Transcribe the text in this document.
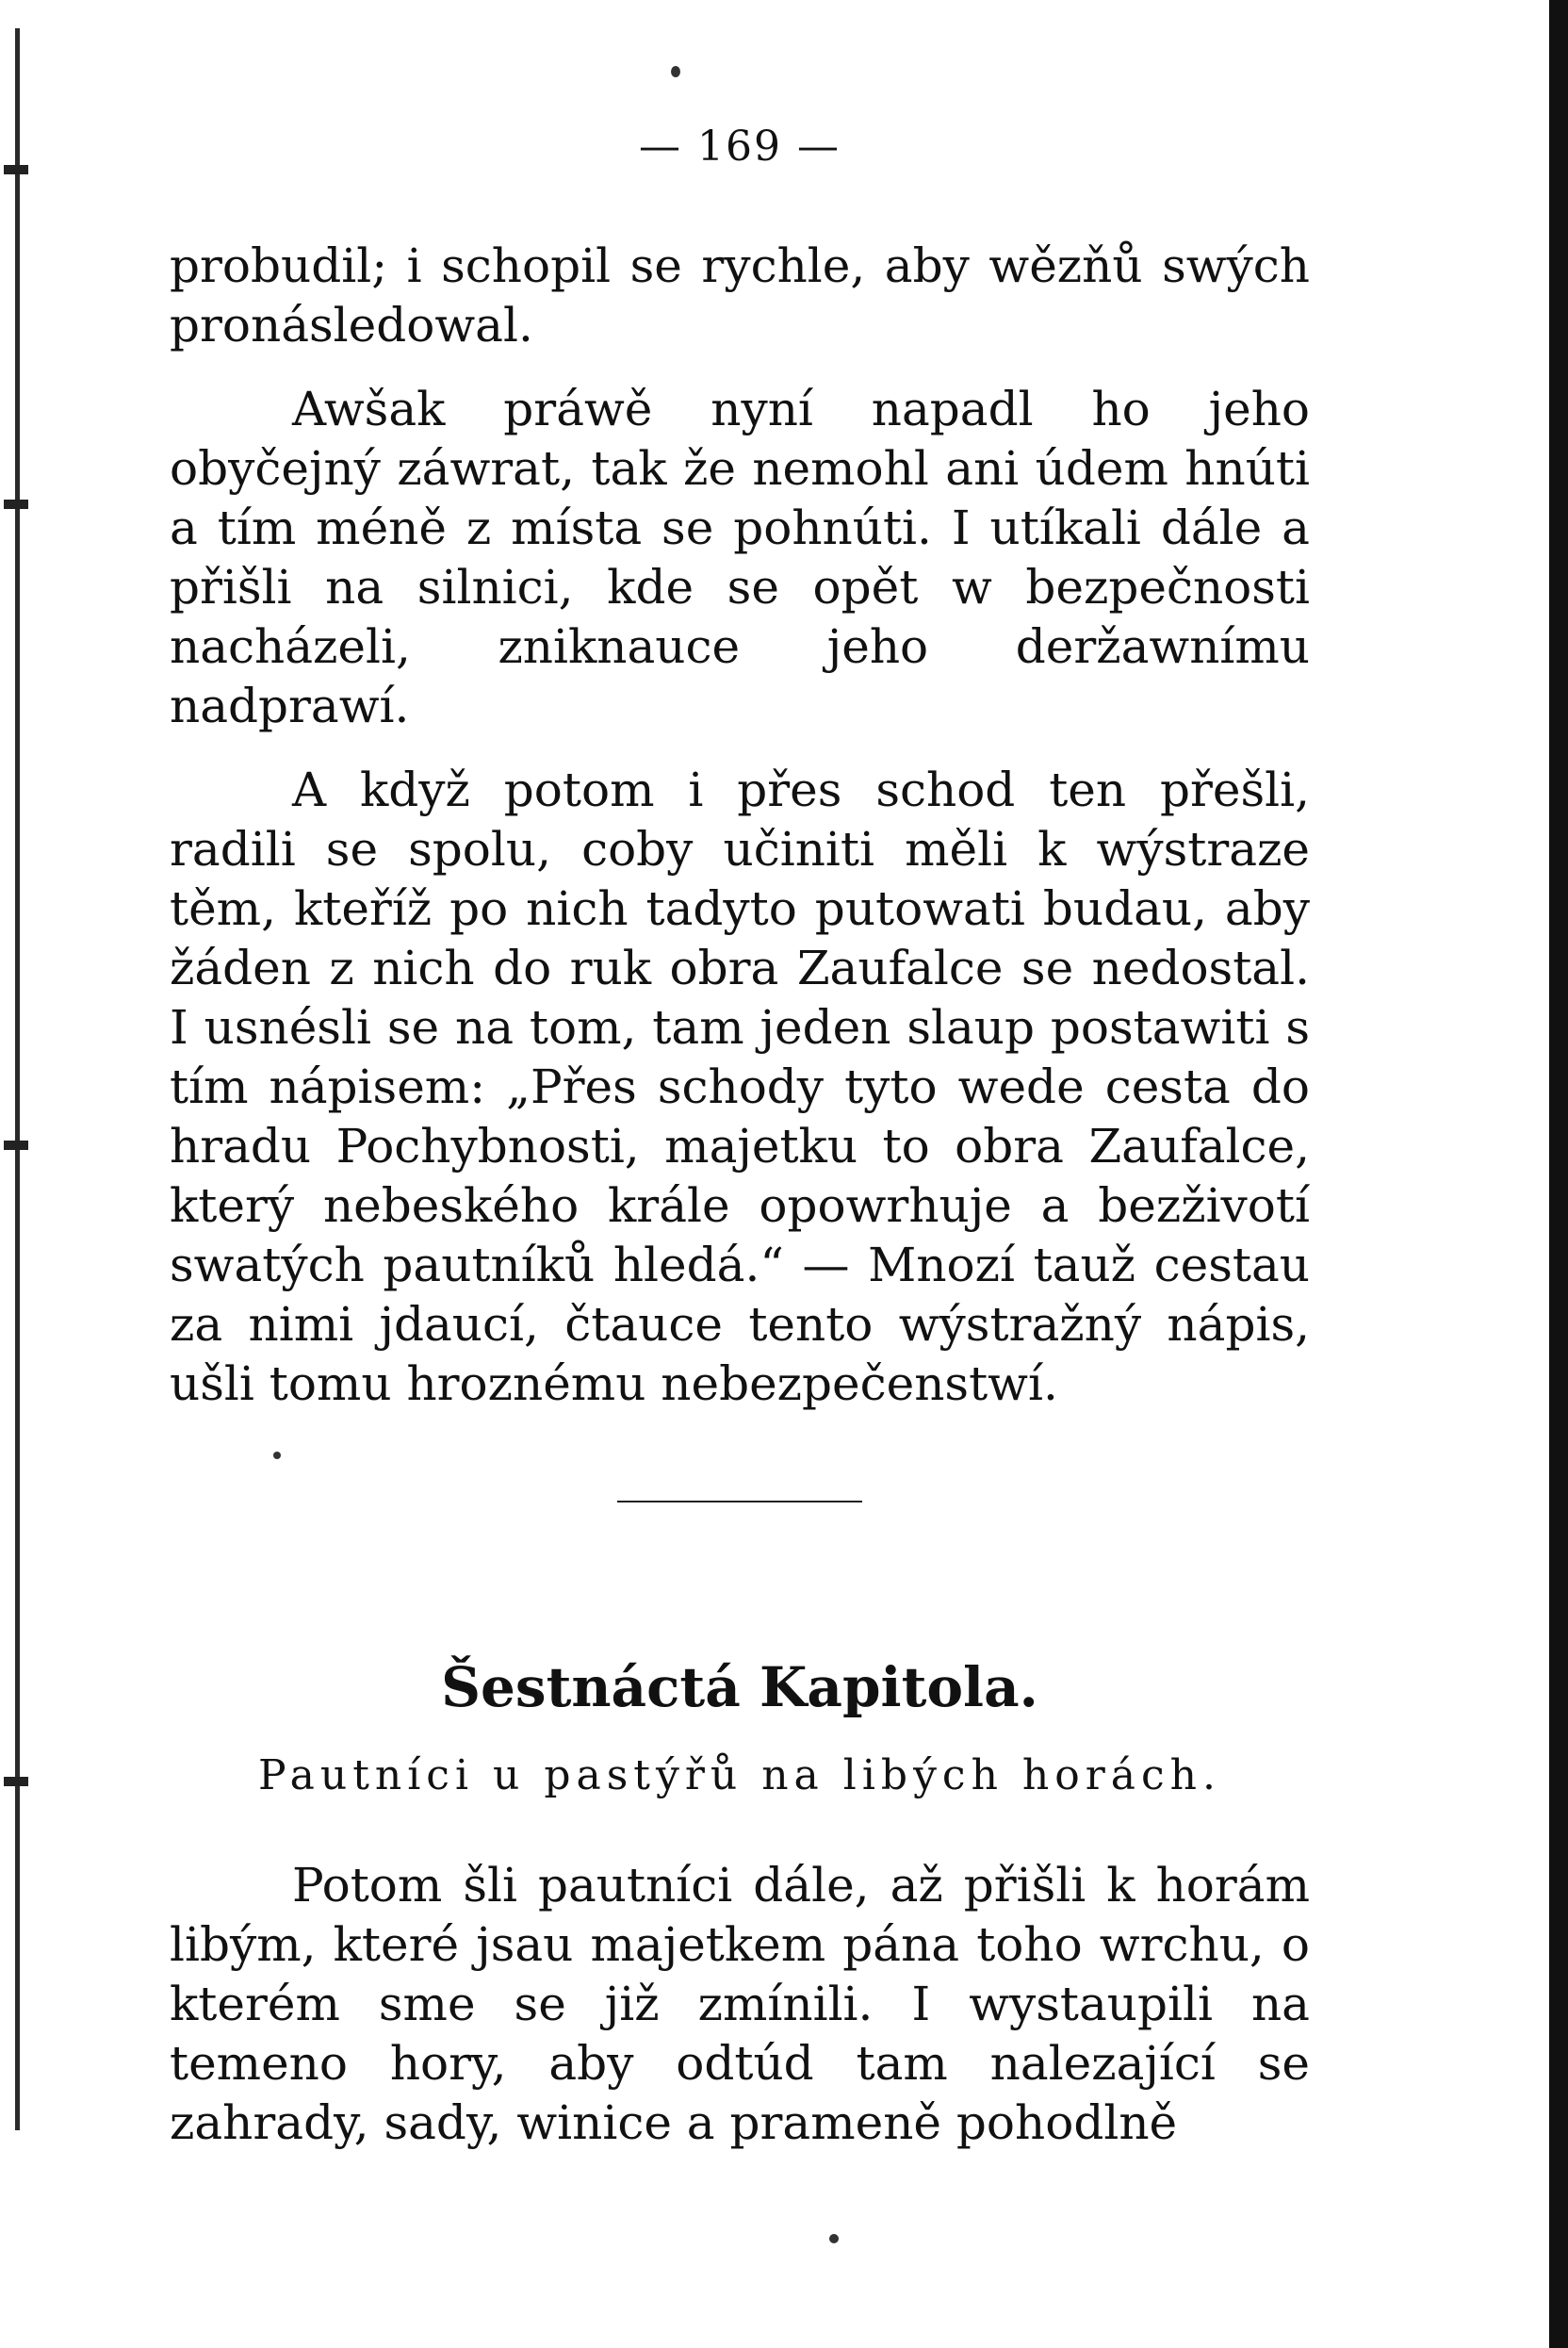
— 169 —

probudil; i schopil se rychle, aby wězňů swých pronásledowal.

Awšak práwě nyní napadl ho jeho obyčejný záwrat, tak že nemohl ani údem hnúti a tím méně z místa se pohnúti. I utíkali dále a přišli na silnici, kde se opět w bezpečnosti nacházeli, zniknauce jeho deržawnímu nadprawí.

A když potom i přes schod ten přešli, radili se spolu, coby učiniti měli k wýstraze těm, kteříž po nich tadyto putowati budau, aby žáden z nich do ruk obra Zaufalce se nedostal. I usnésli se na tom, tam jeden slaup postawiti s tím nápisem: „Přes schody tyto wede cesta do hradu Pochybnosti, majetku to obra Zaufalce, který nebeského krále opowrhuje a bezživotí swatých pautníků hledá.“ — Mnozí tauž cestau za nimi jdaucí, čtauce tento wýstražný nápis, ušli tomu hroznému nebezpečenstwí.

Šestnáctá Kapitola.
Pautníci u pastýřů na libých horách.

Potom šli pautníci dále, až přišli k horám libým, které jsau majetkem pána toho wrchu, o kterém sme se již zmínili. I wystaupili na temeno hory, aby odtúd tam nalezající se zahrady, sady, winice a prameně pohodlně
